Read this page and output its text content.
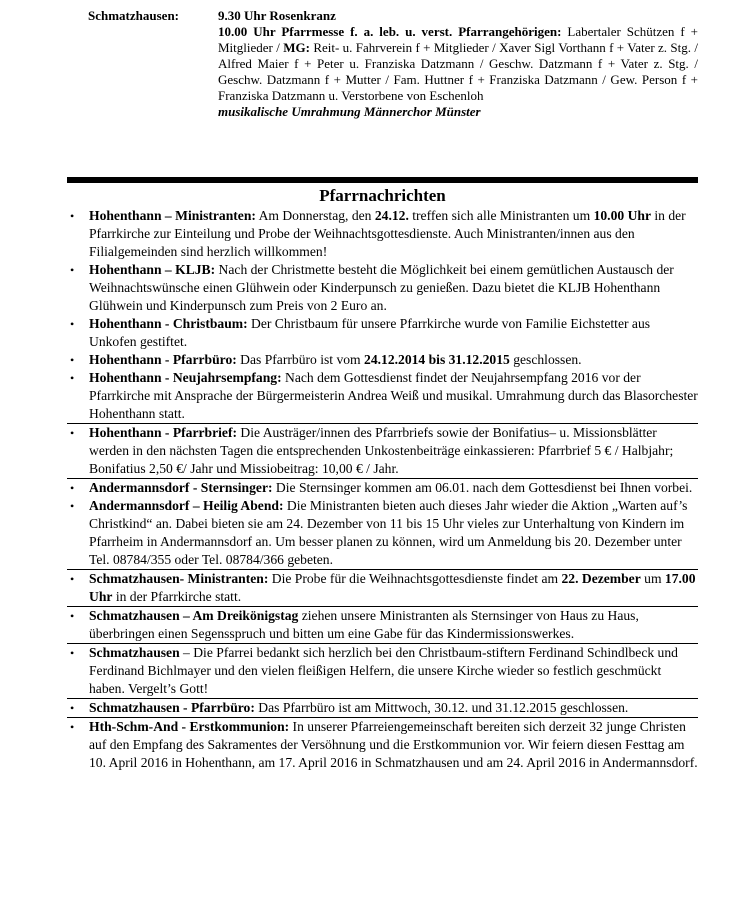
Schmatzhausen:	9.30 Uhr Rosenkranz
10.00 Uhr Pfarrmesse f. a. leb. u. verst. Pfarrangehörigen: Labertaler Schützen f + Mitglieder / MG: Reit- u. Fahrverein f + Mitglieder / Xaver Sigl Vorthann f + Vater z. Stg. / Alfred Maier f + Peter u. Franziska Datzmann / Geschw. Datzmann f + Vater z. Stg. / Geschw. Datzmann f + Mutter / Fam. Huttner f + Franziska Datzmann / Gew. Person f + Franziska Datzmann u. Verstorbene von Eschenloh
musikalische Umrahmung Männerchor Münster
Pfarrnachrichten
• Hohenthann – Ministranten: Am Donnerstag, den 24.12. treffen sich alle Ministranten um 10.00 Uhr in der Pfarrkirche zur Einteilung und Probe der Weihnachtsgottesdienste. Auch Ministranten/innen aus den Filialgemeinden sind herzlich willkommen!
• Hohenthann – KLJB: Nach der Christmette besteht die Möglichkeit bei einem gemütlichen Austausch der Weihnachtswünsche einen Glühwein oder Kinderpunsch zu genießen. Dazu bietet die KLJB Hohenthann Glühwein und Kinderpunsch zum Preis von 2 Euro an.
• Hohenthann - Christbaum: Der Christbaum für unsere Pfarrkirche wurde von Familie Eichstetter aus Unkofen gestiftet.
• Hohenthann - Pfarrbüro: Das Pfarrbüro ist vom 24.12.2014 bis 31.12.2015 geschlossen.
• Hohenthann - Neujahrsempfang: Nach dem Gottesdienst findet der Neujahrsempfang 2016 vor der Pfarrkirche mit Ansprache der Bürgermeisterin Andrea Weiß und musikal. Umrahmung durch das Blasorchester Hohenthann statt.
• Hohenthann - Pfarrbrief: Die Austräger/innen des Pfarrbriefs sowie der Bonifatius– u. Missionsblätter werden in den nächsten Tagen die entsprechenden Unkostenbeiträge einkassieren: Pfarrbrief 5 € / Halbjahr; Bonifatius 2,50 €/ Jahr und Missiobeitrag: 10,00 € / Jahr.
• Andermannsdorf - Sternsinger: Die Sternsinger kommen am 06.01. nach dem Gottesdienst bei Ihnen vorbei.
• Andermannsdorf – Heilig Abend: Die Ministranten bieten auch dieses Jahr wieder die Aktion „Warten auf’s Christkind“ an. Dabei bieten sie am 24. Dezember von 11 bis 15 Uhr vieles zur Unterhaltung von Kindern im Pfarrheim in Andermannsdorf an. Um besser planen zu können, wird um Anmeldung bis 20. Dezember unter Tel. 08784/355 oder Tel. 08784/366 gebeten.
• Schmatzhausen- Ministranten: Die Probe für die Weihnachtsgottesdienste findet am 22. Dezember um 17.00 Uhr in der Pfarrkirche statt.
• Schmatzhausen – Am Dreikönigstag ziehen unsere Ministranten als Sternsinger von Haus zu Haus, überbringen einen Segensspruch und bitten um eine Gabe für das Kindermissionswerkes.
• Schmatzhausen – Die Pfarrei bedankt sich herzlich bei den Christbaum-stiftern Ferdinand Schindlbeck und Ferdinand Bichlmayer und den vielen fleißigen Helfern, die unsere Kirche wieder so festlich geschmückt haben. Vergelt’s Gott!
• Schmatzhausen - Pfarrbüro: Das Pfarrbüro ist am Mittwoch, 30.12. und 31.12.2015 geschlossen.
• Hth-Schm-And - Erstkommunion: In unserer Pfarreiengemeinschaft bereiten sich derzeit 32 junge Christen auf den Empfang des Sakramentes der Versöhnung und die Erstkommunion vor. Wir feiern diesen Festtag am 10. April 2016 in Hohenthann, am 17. April 2016 in Schmatzhausen und am 24. April 2016 in Andermannsdorf.
